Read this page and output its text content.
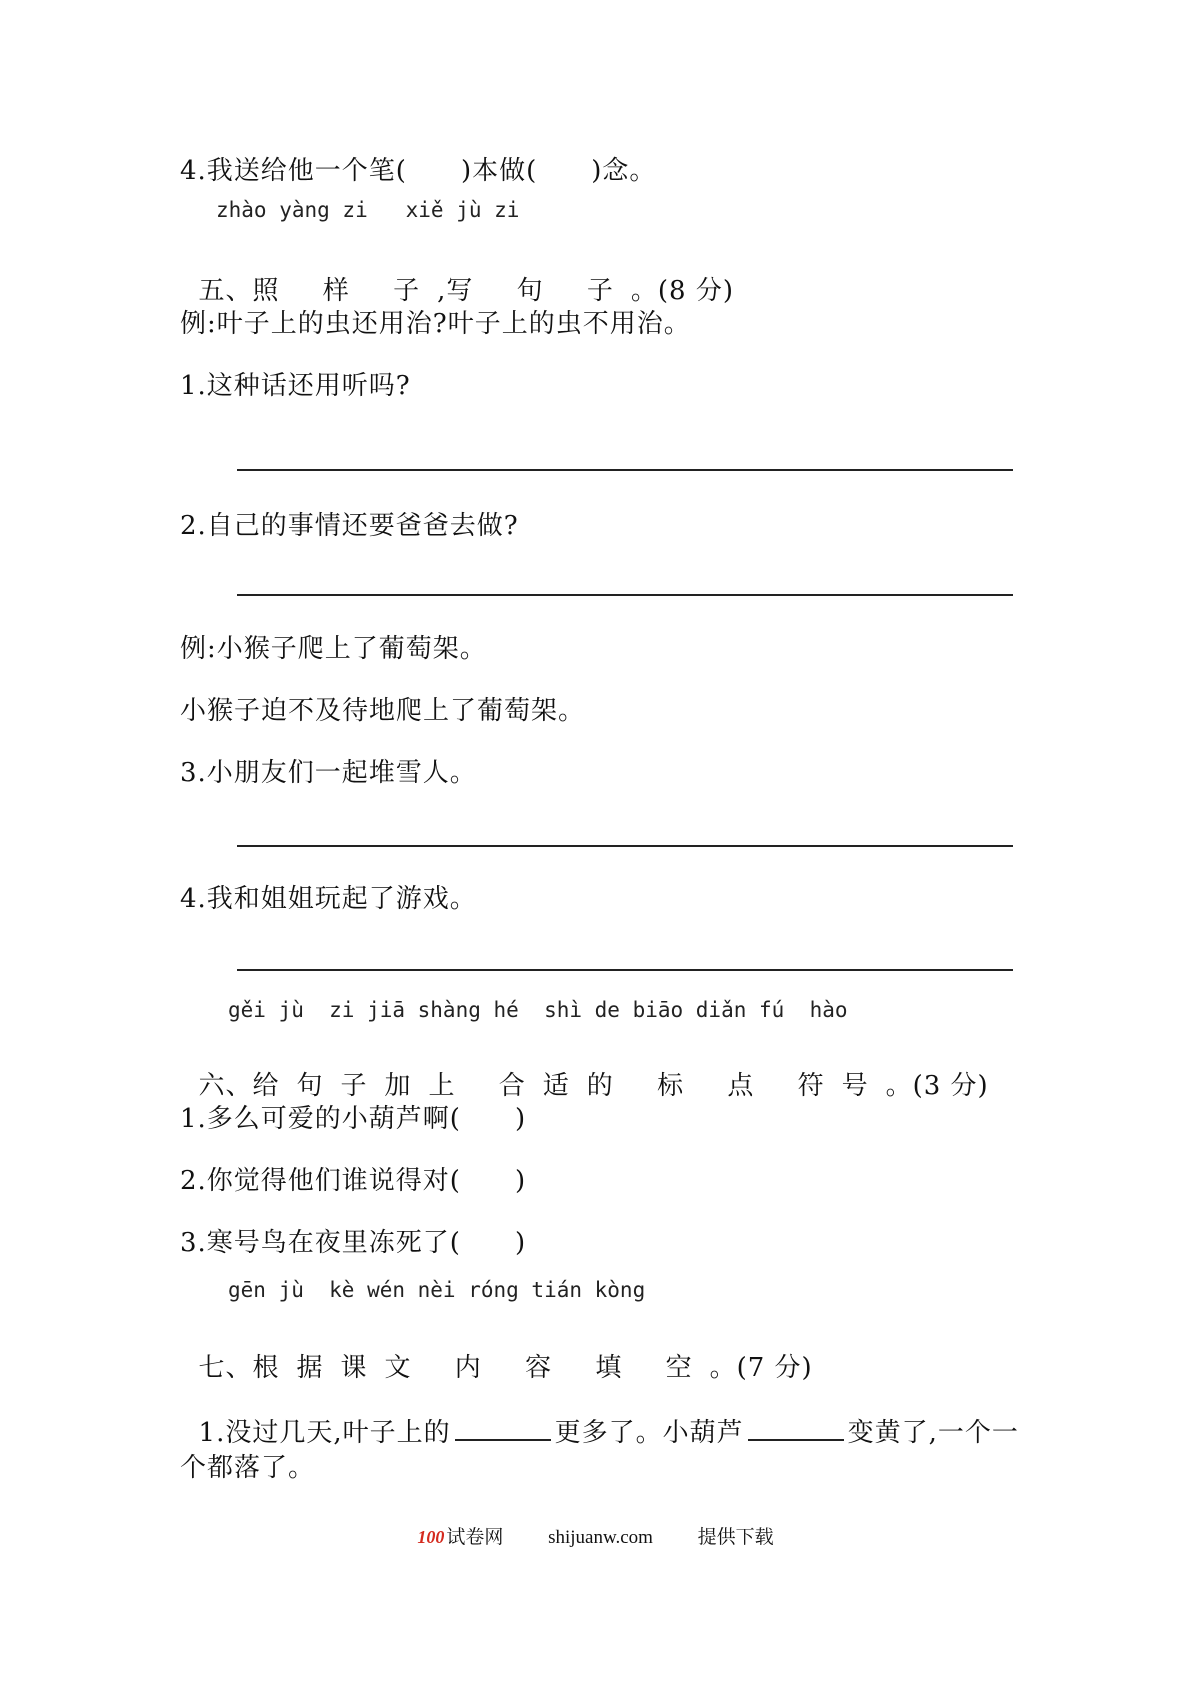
4.我送给他一个笔(　　)本做(　　)念。
zhào yàng zi   xiě jù zi

五、照 样 子,写 句 子。(8 分)

例:叶子上的虫还用治?叶子上的虫不用治。
1.这种话还用听吗?
2.自己的事情还要爸爸去做?
例:小猴子爬上了葡萄架。
小猴子迫不及待地爬上了葡萄架。
3.小朋友们一起堆雪人。
4.我和姐姐玩起了游戏。
gěi jù  zi jiā shàng hé  shì de biāo diǎn fú  hào

六、给句子加上 合适的 标 点 符号。(3 分)

1.多么可爱的小葫芦啊(　　)
2.你觉得他们谁说得对(　　)
3.寒号鸟在夜里冻死了(　　)
gēn jù  kè wén nèi róng tián kòng

七、根据课文 内 容 填 空。(7 分)

1.没过几天,叶子上的	更多了。小葫芦	变黄了,一个一

个都落了。
100 试卷网 shijuanw.com 提供下载
